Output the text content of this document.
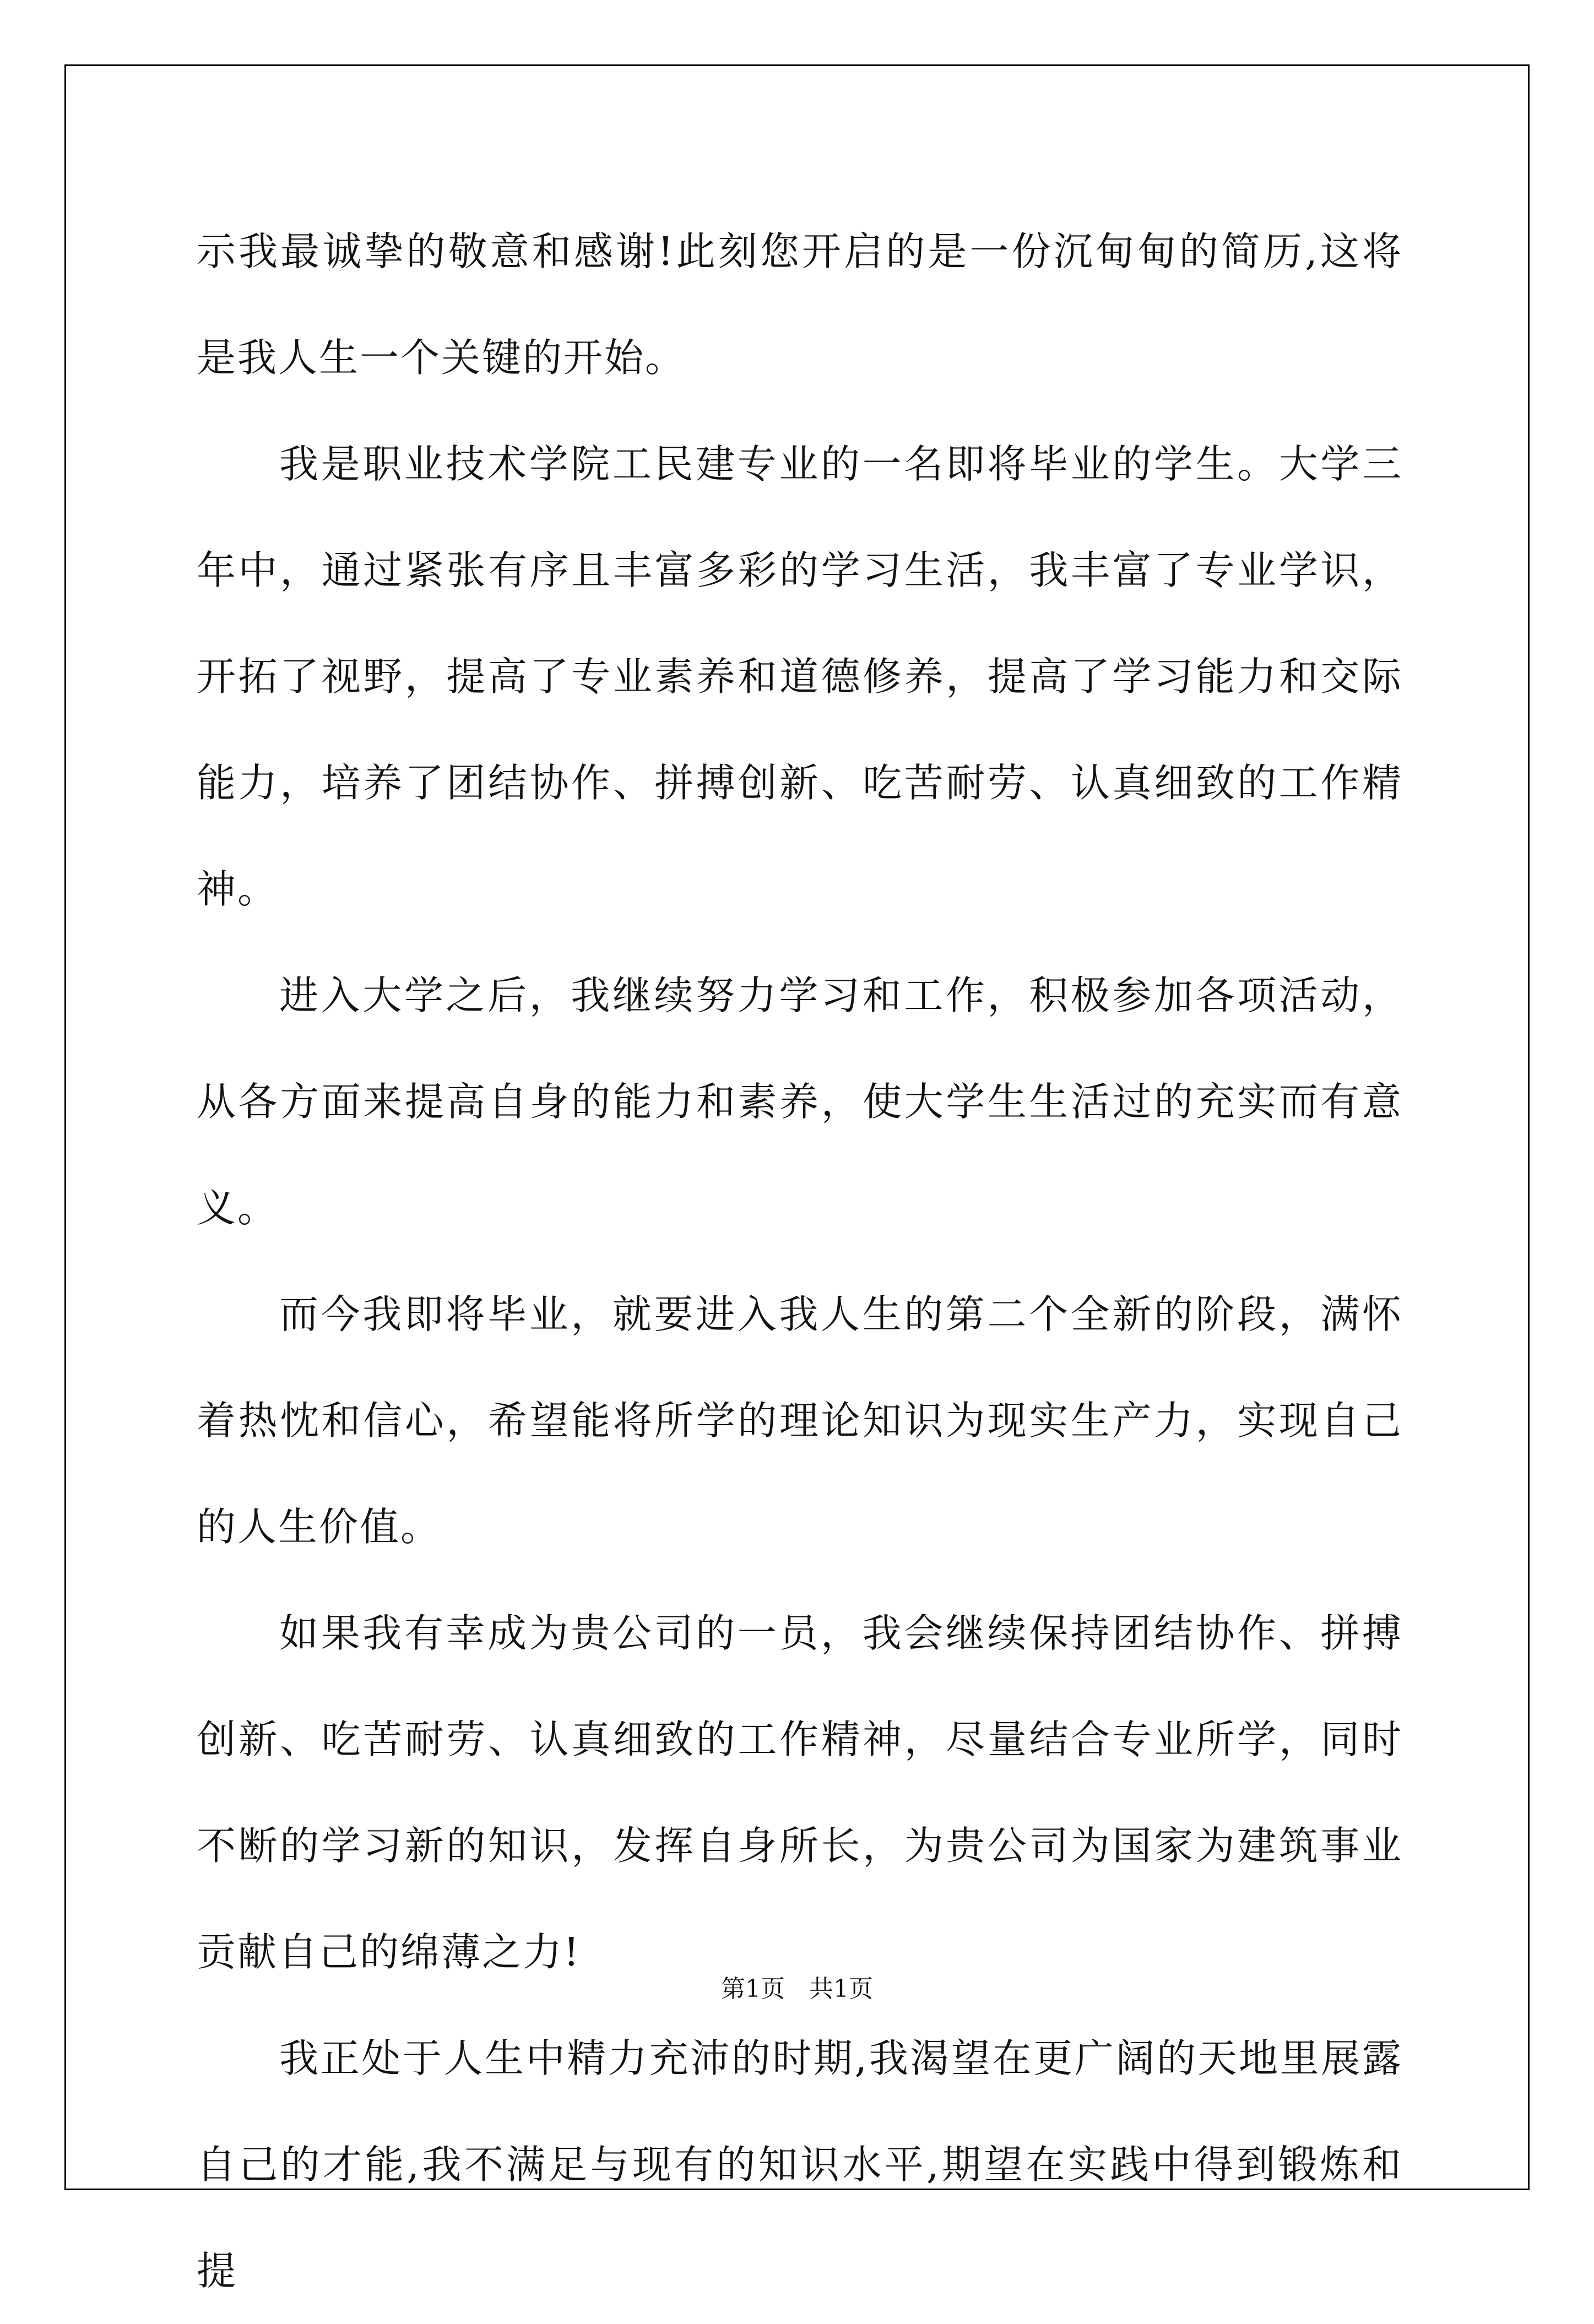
示我最诚挚的敬意和感谢!此刻您开启的是一份沉甸甸的简历,这将是我人生一个关键的开始。

我是职业技术学院工民建专业的一名即将毕业的学生。大学三年中，通过紧张有序且丰富多彩的学习生活，我丰富了专业学识，开拓了视野，提高了专业素养和道德修养，提高了学习能力和交际能力，培养了团结协作、拼搏创新、吃苦耐劳、认真细致的工作精神。

进入大学之后，我继续努力学习和工作，积极参加各项活动，从各方面来提高自身的能力和素养，使大学生生活过的充实而有意义。

而今我即将毕业，就要进入我人生的第二个全新的阶段，满怀着热忱和信心，希望能将所学的理论知识为现实生产力，实现自己的人生价值。

如果我有幸成为贵公司的一员，我会继续保持团结协作、拼搏创新、吃苦耐劳、认真细致的工作精神，尽量结合专业所学，同时不断的学习新的知识，发挥自身所长，为贵公司为国家为建筑事业贡献自己的绵薄之力!

我正处于人生中精力充沛的时期,我渴望在更广阔的天地里展露自己的才能,我不满足与现有的知识水平,期望在实践中得到锻炼和提

第1页 共1页
